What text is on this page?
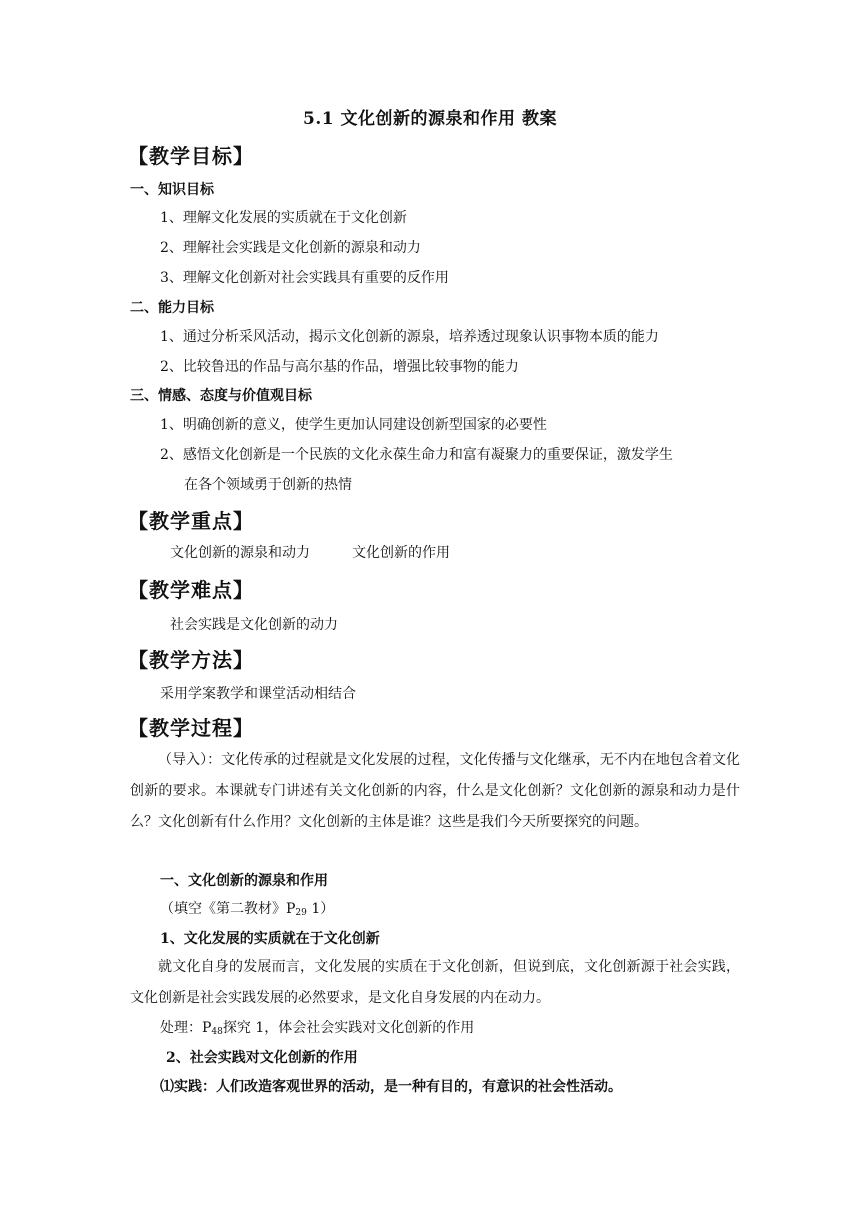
5.1 文化创新的源泉和作用 教案
【教学目标】
一、知识目标
1、理解文化发展的实质就在于文化创新
2、理解社会实践是文化创新的源泉和动力
3、理解文化创新对社会实践具有重要的反作用
二、能力目标
1、通过分析采风活动，揭示文化创新的源泉，培养透过现象认识事物本质的能力
2、比较鲁迅的作品与高尔基的作品，增强比较事物的能力
三、情感、态度与价值观目标
1、明确创新的意义，使学生更加认同建设创新型国家的必要性
2、感悟文化创新是一个民族的文化永葆生命力和富有凝聚力的重要保证，激发学生
在各个领域勇于创新的热情
【教学重点】
文化创新的源泉和动力	文化创新的作用
【教学难点】
社会实践是文化创新的动力
【教学方法】
采用学案教学和课堂活动相结合
【教学过程】
（导入）：文化传承的过程就是文化发展的过程，文化传播与文化继承，无不内在地包含着文化创新的要求。本课就专门讲述有关文化创新的内容，什么是文化创新？文化创新的源泉和动力是什么？文化创新有什么作用？文化创新的主体是谁？这些是我们今天所要探究的问题。
一、文化创新的源泉和作用
（填空《第二教材》$P_{29}$ 1）
1、文化发展的实质就在于文化创新
就文化自身的发展而言，文化发展的实质在于文化创新，但说到底，文化创新源于社会实践，文化创新是社会实践发展的必然要求，是文化自身发展的内在动力。
处理：$P_{48}$探究 1，体会社会实践对文化创新的作用
2、社会实践对文化创新的作用
⑴实践：人们改造客观世界的活动，是一种有目的，有意识的社会性活动。
